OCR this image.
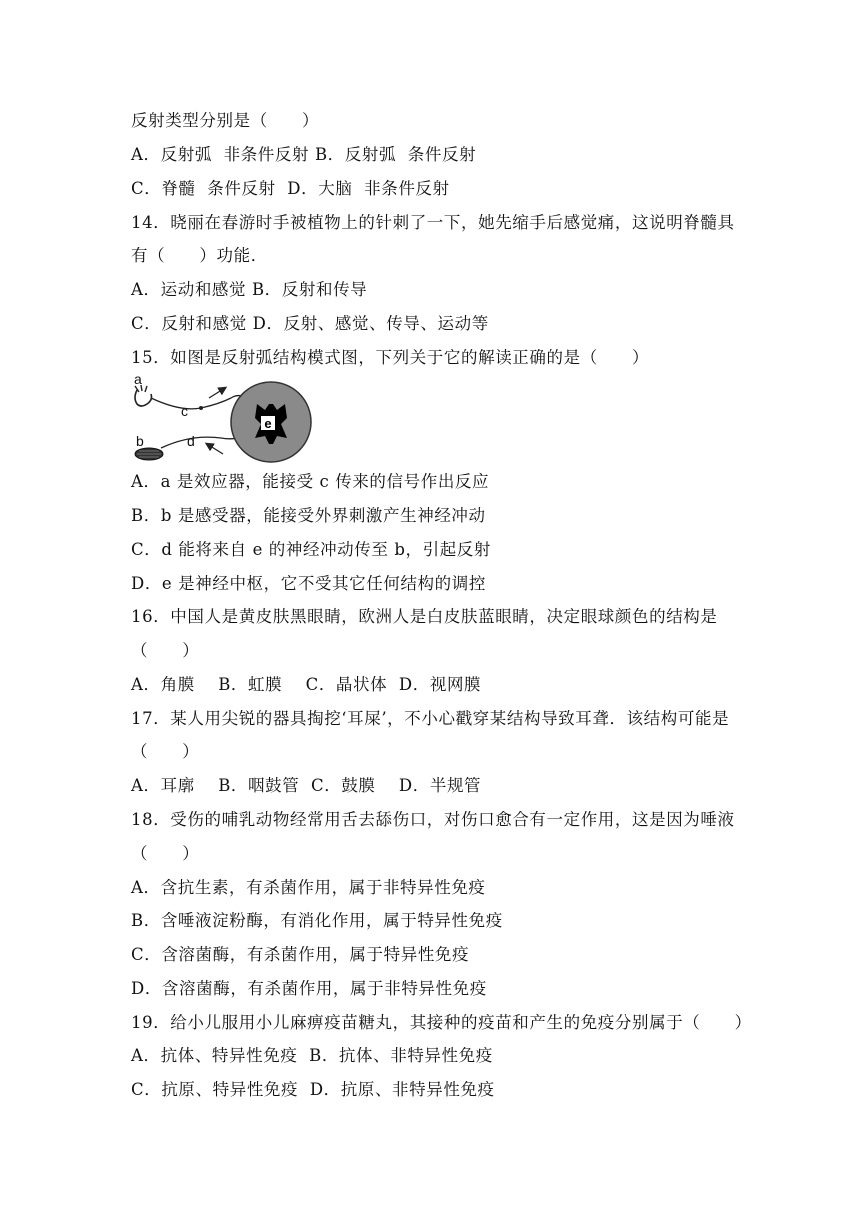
反射类型分别是（　　）
A．反射弧  非条件反射 B．反射弧  条件反射
C．脊髓  条件反射  D．大脑  非条件反射
14．晓丽在春游时手被植物上的针刺了一下，她先缩手后感觉痛，这说明脊髓具
有（　　）功能．
A．运动和感觉 B．反射和传导
C．反射和感觉 D．反射、感觉、传导、运动等
15．如图是反射弧结构模式图，下列关于它的解读正确的是（　　）
e
a
b
c
d
A．a 是效应器，能接受 c 传来的信号作出反应
B．b 是感受器，能接受外界刺激产生神经冲动
C．d 能将来自 e 的神经冲动传至 b，引起反射
D．e 是神经中枢，它不受其它任何结构的调控
16．中国人是黄皮肤黑眼睛，欧洲人是白皮肤蓝眼睛，决定眼球颜色的结构是
（　　）
A．角膜    B．虹膜    C．晶状体  D．视网膜
17．某人用尖锐的器具掏挖‘耳屎’，不小心戳穿某结构导致耳聋．该结构可能是
（　　）
A．耳廓    B．咽鼓管  C．鼓膜    D．半规管
18．受伤的哺乳动物经常用舌去舔伤口，对伤口愈合有一定作用，这是因为唾液
（　　）
A．含抗生素，有杀菌作用，属于非特异性免疫
B．含唾液淀粉酶，有消化作用，属于特异性免疫
C．含溶菌酶，有杀菌作用，属于特异性免疫
D．含溶菌酶，有杀菌作用，属于非特异性免疫
19．给小儿服用小儿麻痹疫苗糖丸，其接种的疫苗和产生的免疫分别属于（　　）
A．抗体、特异性免疫  B．抗体、非特异性免疫
C．抗原、特异性免疫  D．抗原、非特异性免疫
